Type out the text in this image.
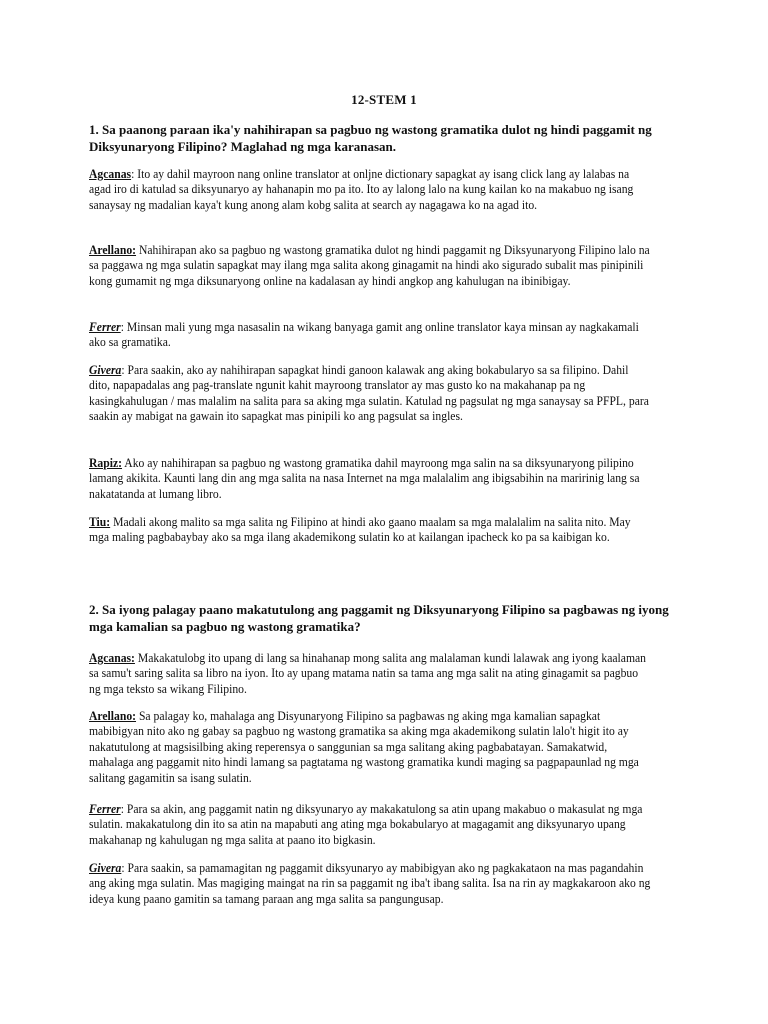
12-STEM 1
1. Sa paanong paraan ika'y nahihirapan sa pagbuo ng wastong gramatika dulot ng hindi paggamit ng Diksyunaryong Filipino? Maglahad ng mga karanasan.
Agcanas: Ito ay dahil mayroon nang online translator at onljne dictionary sapagkat ay isang click lang ay lalabas na agad iro di katulad sa diksyunaryo ay hahanapin mo pa ito. Ito ay lalong lalo na kung kailan ko na makabuo ng isang sanaysay ng madalian kaya't kung anong alam kobg salita at search ay nagagawa ko na agad ito.
Arellano: Nahihirapan ako sa pagbuo ng wastong gramatika dulot ng hindi paggamit ng Diksyunaryong Filipino lalo na sa paggawa ng mga sulatin sapagkat may ilang mga salita akong ginagamit na hindi ako sigurado subalit mas pinipinili kong gumamit ng mga diksunaryong online na kadalasan ay hindi angkop ang kahulugan na ibinibigay.
Ferrer: Minsan mali yung mga nasasalin na wikang banyaga gamit ang online translator kaya minsan ay nagkakamali ako sa gramatika.
Givera: Para saakin, ako ay nahihirapan sapagkat hindi ganoon kalawak ang aking bokabularyo sa sa filipino. Dahil dito, napapadalas ang pag-translate ngunit kahit mayroong translator ay mas gusto ko na makahanap pa ng kasingkahulugan / mas malalim na salita para sa aking mga sulatin. Katulad ng pagsulat ng mga sanaysay sa PFPL, para saakin ay mabigat na gawain ito sapagkat mas pinipili ko ang pagsulat sa ingles.
Rapiz: Ako ay nahihirapan sa pagbuo ng wastong gramatika dahil mayroong mga salin na sa diksyunaryong pilipino lamang akikita. Kaunti lang din ang mga salita na nasa Internet na mga malalalim ang ibigsabihin na maririnig lang sa nakatatanda at lumang libro.
Tiu: Madali akong malito sa mga salita ng Filipino at hindi ako gaano maalam sa mga malalalim na salita nito. May mga maling pagbabaybay ako sa mga ilang akademikong sulatin ko at kailangan ipacheck ko pa sa kaibigan ko.
2. Sa iyong palagay paano makatutulong ang paggamit ng Diksyunaryong Filipino sa pagbawas ng iyong mga kamalian sa pagbuo ng wastong gramatika?
Agcanas: Makakatulobg ito upang di lang sa hinahanap mong salita ang malalaman kundi lalawak ang iyong kaalaman sa samu't saring salita sa libro na iyon. Ito ay upang matama natin sa tama ang mga salit na ating ginagamit sa pagbuo ng mga teksto sa wikang Filipino.
Arellano: Sa palagay ko, mahalaga ang Disyunaryong Filipino sa pagbawas ng aking mga kamalian sapagkat mabibigyan nito ako ng gabay sa pagbuo ng wastong gramatika sa aking mga akademikong sulatin lalo't higit ito ay nakatutulong at magsisilbing aking reperensya o sanggunian sa mga salitang aking pagbabatayan. Samakatwid, mahalaga ang paggamit nito hindi lamang sa pagtatama ng wastong gramatika kundi maging sa pagpapaunlad ng mga salitang gagamitin sa isang sulatin.
Ferrer: Para sa akin, ang paggamit natin ng diksyunaryo ay makakatulong sa atin upang makabuo o makasulat ng mga sulatin. makakatulong din ito sa atin na mapabuti ang ating mga bokabularyo at magagamit ang diksyunaryo upang makahanap ng kahulugan ng mga salita at paano ito bigkasin.
Givera: Para saakin, sa pamamagitan ng paggamit diksyunaryo ay mabibigyan ako ng pagkakataon na mas pagandahin ang aking mga sulatin. Mas magiging maingat na rin sa paggamit ng iba't ibang salita. Isa na rin ay magkakaroon ako ng ideya kung paano gamitin sa tamang paraan ang mga salita sa pangungusap.
